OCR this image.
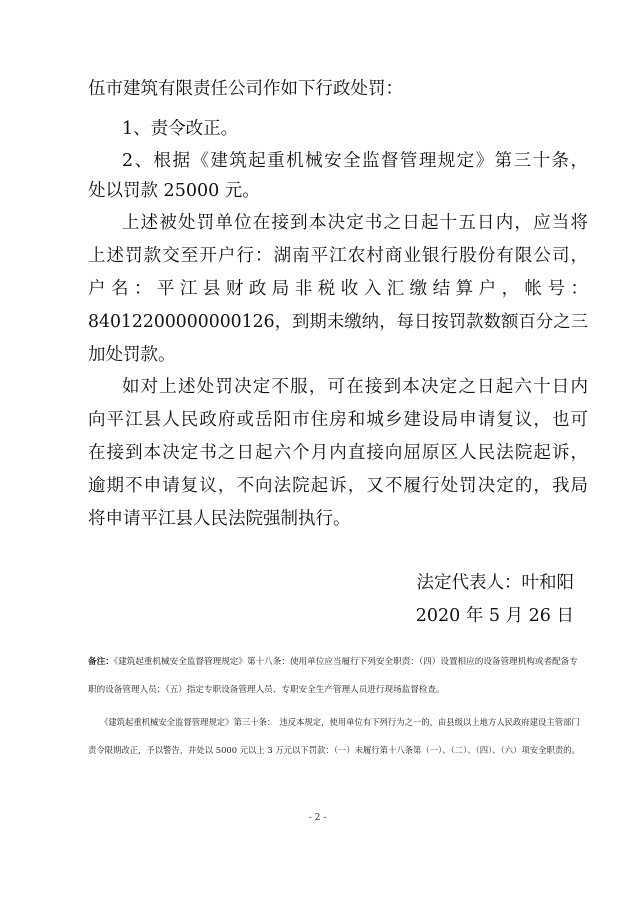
伍市建筑有限责任公司作如下行政处罚：
1、责令改正。
2、根据《建筑起重机械安全监督管理规定》第三十条，
处以罚款 25000 元。
上述被处罚单位在接到本决定书之日起十五日内，应当将
上述罚款交至开户行：湖南平江农村商业银行股份有限公司，
户名：平江县财政局非税收入汇缴结算户，帐号：
84012200000000126，到期未缴纳，每日按罚款数额百分之三
加处罚款。
如对上述处罚决定不服，可在接到本决定之日起六十日内
向平江县人民政府或岳阳市住房和城乡建设局申请复议，也可
在接到本决定书之日起六个月内直接向屈原区人民法院起诉，
逾期不申请复议，不向法院起诉，又不履行处罚决定的，我局
将申请平江县人民法院强制执行。
法定代表人：叶和阳
2020 年 5 月 26 日
备注：《建筑起重机械安全监督管理规定》第十八条：使用单位应当履行下列安全职责：（四）设置相应的设备管理机构或者配备专
职的设备管理人员；（五）指定专职设备管理人员、专职安全生产管理人员进行现场监督检查。
《建筑起重机械安全监督管理规定》第三十条：　违反本规定，使用单位有下列行为之一的，由县级以上地方人民政府建设主管部门
责令限期改正，予以警告，并处以 5000 元以上 3 万元以下罚款：（一）未履行第十八条第（一）、（二）、（四）、（六）项安全职责的。
- 2 -
